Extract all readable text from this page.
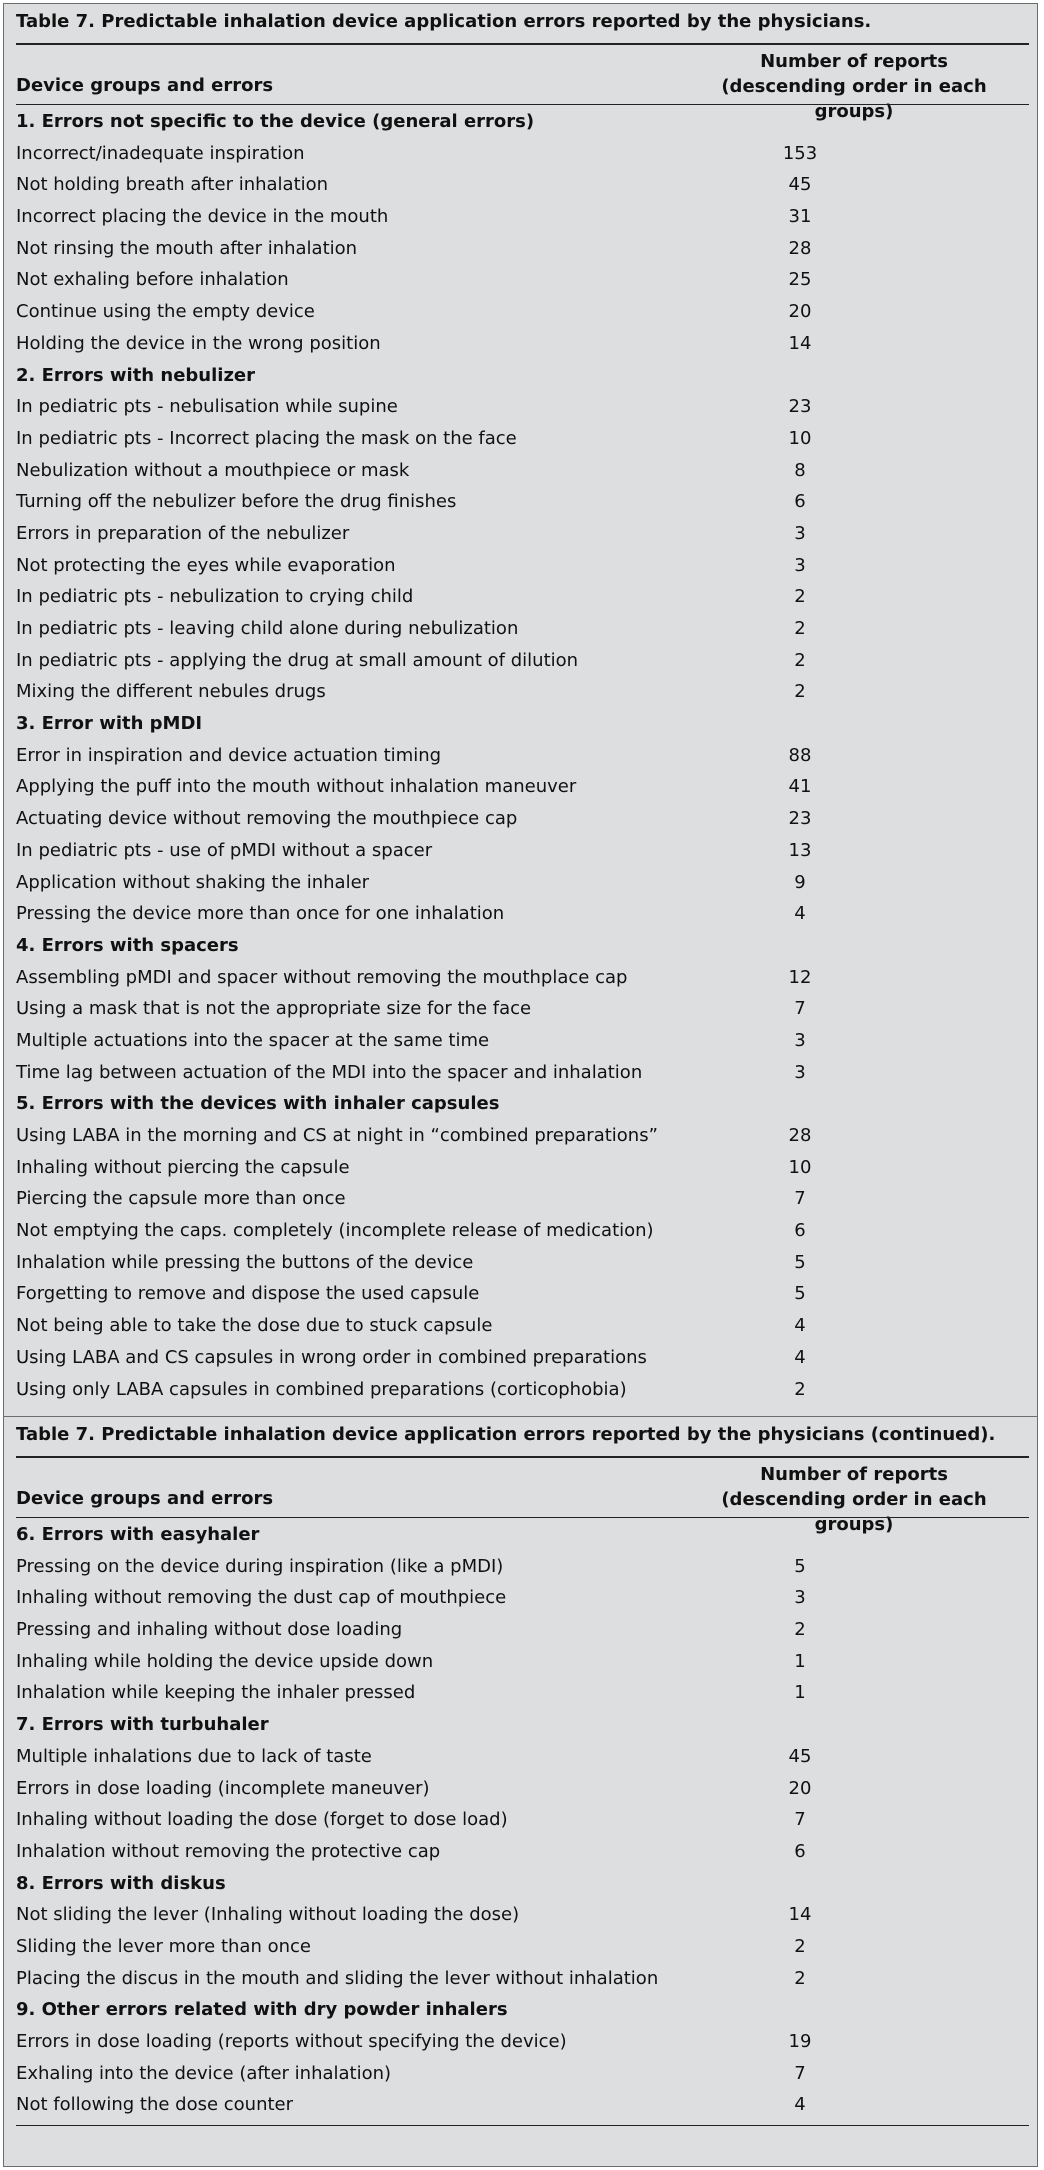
Table 7. Predictable inhalation device application errors reported by the physicians.
Device groups and errors
Number of reports
(descending order in each groups)
1. Errors not specific to the device (general errors)
Incorrect/inadequate inspiration	153
Not holding breath after inhalation	45
Incorrect placing the device in the mouth	31
Not rinsing the mouth after inhalation	28
Not exhaling before inhalation	25
Continue using the empty device	20
Holding the device in the wrong position	14
2. Errors with nebulizer
In pediatric pts - nebulisation while supine	23
In pediatric pts - Incorrect placing the mask on the face	10
Nebulization without a mouthpiece or mask	8
Turning off the nebulizer before the drug finishes	6
Errors in preparation of the nebulizer	3
Not protecting the eyes while evaporation	3
In pediatric pts - nebulization to crying child	2
In pediatric pts - leaving child alone during nebulization	2
In pediatric pts - applying the drug at small amount of dilution	2
Mixing the different nebules drugs	2
3. Error with pMDI
Error in inspiration and device actuation timing	88
Applying the puff into the mouth without inhalation maneuver	41
Actuating device without removing the mouthpiece cap	23
In pediatric pts - use of pMDI without a spacer	13
Application without shaking the inhaler	9
Pressing the device more than once for one inhalation	4
4. Errors with spacers
Assembling pMDI and spacer without removing the mouthplace cap	12
Using a mask that is not the appropriate size for the face	7
Multiple actuations into the spacer at the same time	3
Time lag between actuation of the MDI into the spacer and inhalation	3
5. Errors with the devices with inhaler capsules
Using LABA in the morning and CS at night in “combined preparations”	28
Inhaling without piercing the capsule	10
Piercing the capsule more than once	7
Not emptying the caps. completely (incomplete release of medication)	6
Inhalation while pressing the buttons of the device	5
Forgetting to remove and dispose the used capsule	5
Not being able to take the dose due to stuck capsule	4
Using LABA and CS capsules in wrong order in combined preparations	4
Using only LABA capsules in combined preparations (corticophobia)	2
Table 7. Predictable inhalation device application errors reported by the physicians (continued).
Device groups and errors
Number of reports
(descending order in each groups)
6. Errors with easyhaler
Pressing on the device during inspiration (like a pMDI)	5
Inhaling without removing the dust cap of mouthpiece	3
Pressing and inhaling without dose loading	2
Inhaling while holding the device upside down	1
Inhalation while keeping the inhaler pressed	1
7. Errors with turbuhaler
Multiple inhalations due to lack of taste	45
Errors in dose loading (incomplete maneuver)	20
Inhaling without loading the dose (forget to dose load)	7
Inhalation without removing the protective cap	6
8. Errors with diskus
Not sliding the lever (Inhaling without loading the dose)	14
Sliding the lever more than once	2
Placing the discus in the mouth and sliding the lever without inhalation	2
9. Other errors related with dry powder inhalers
Errors in dose loading (reports without specifying the device)	19
Exhaling into the device (after inhalation)	7
Not following the dose counter	4
